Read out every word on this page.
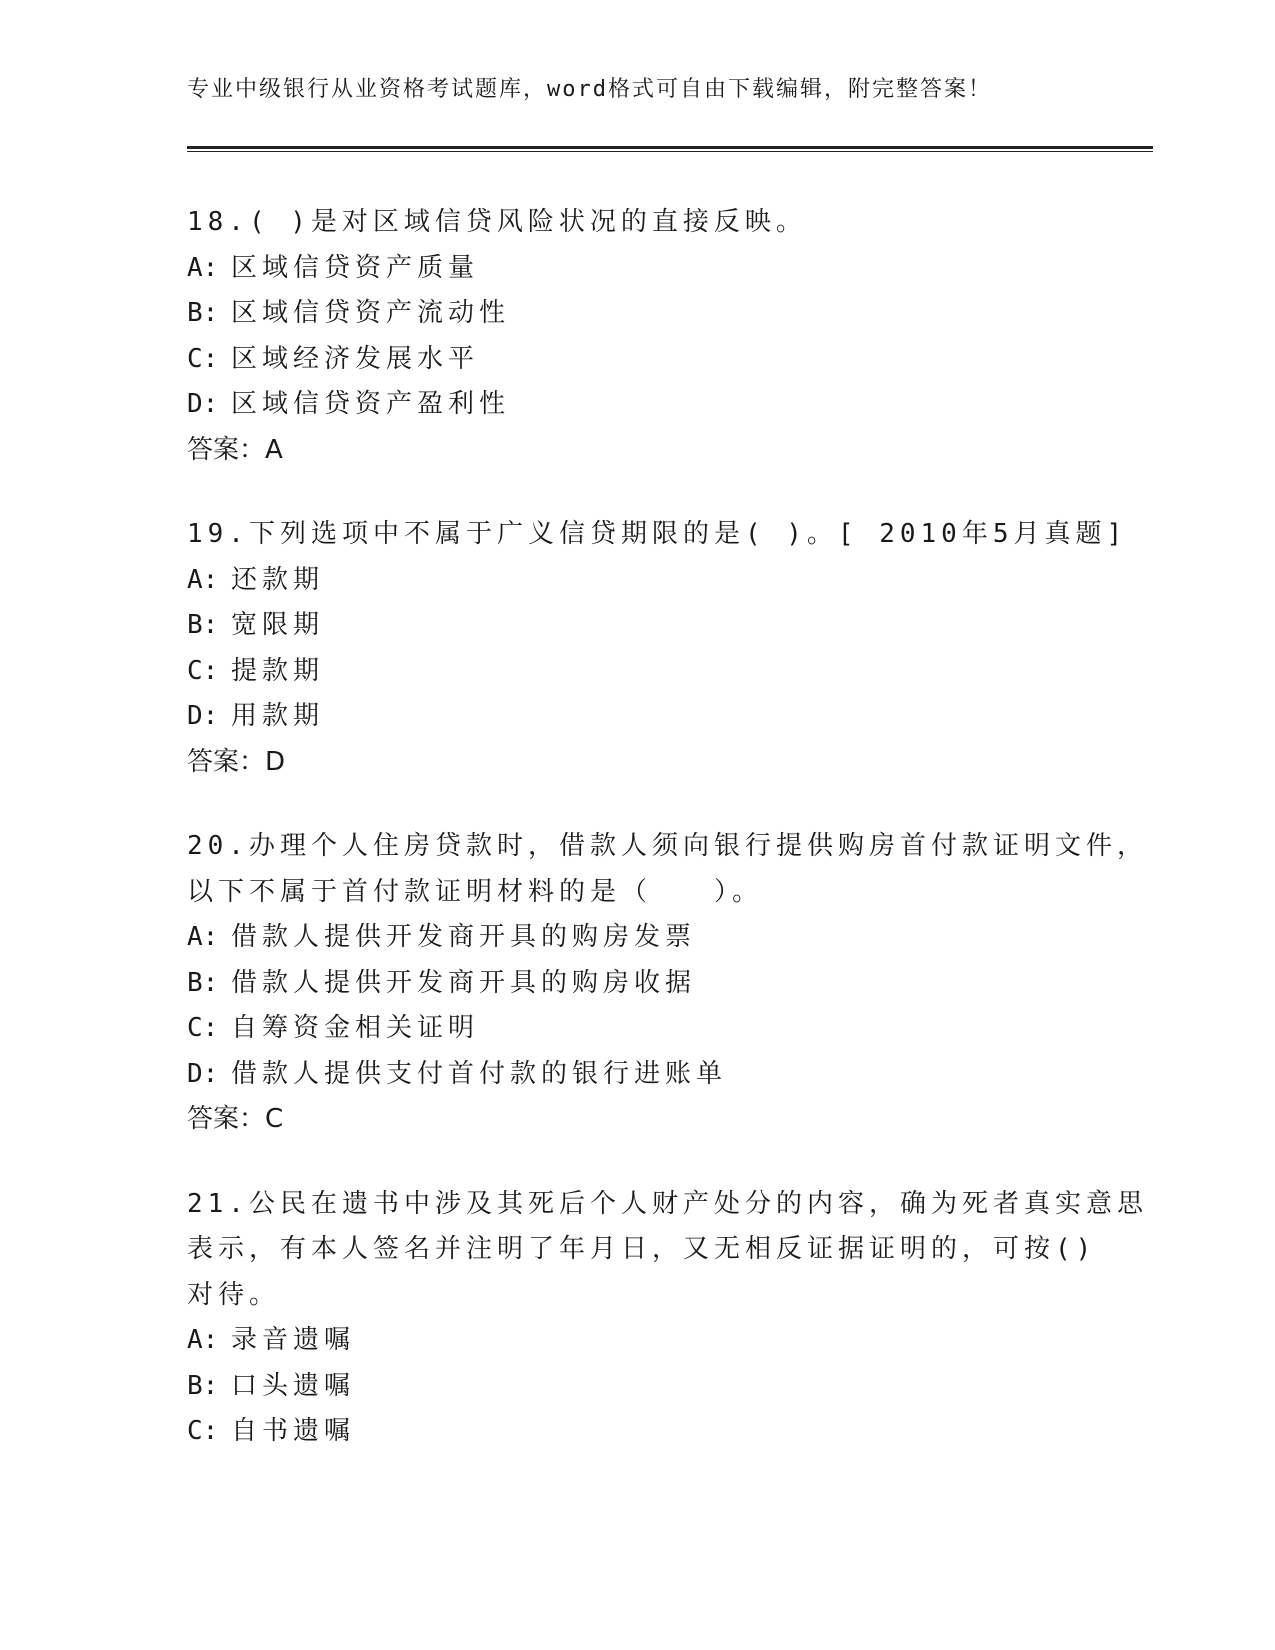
专业中级银行从业资格考试题库，word格式可自由下载编辑，附完整答案！
18.( )是对区域信贷风险状况的直接反映。
A: 区域信贷资产质量
B: 区域信贷资产流动性
C: 区域经济发展水平
D: 区域信贷资产盈利性
答案：A
19.下列选项中不属于广义信贷期限的是( )。[ 2010年5月真题]
A: 还款期
B: 宽限期
C: 提款期
D: 用款期
答案：D
20.办理个人住房贷款时，借款人须向银行提供购房首付款证明文件，
以下不属于首付款证明材料的是（　　）。
A: 借款人提供开发商开具的购房发票
B: 借款人提供开发商开具的购房收据
C: 自筹资金相关证明
D: 借款人提供支付首付款的银行进账单
答案：C
21.公民在遗书中涉及其死后个人财产处分的内容，确为死者真实意思
表示，有本人签名并注明了年月日，又无相反证据证明的，可按()
对待。
A: 录音遗嘱
B: 口头遗嘱
C: 自书遗嘱
